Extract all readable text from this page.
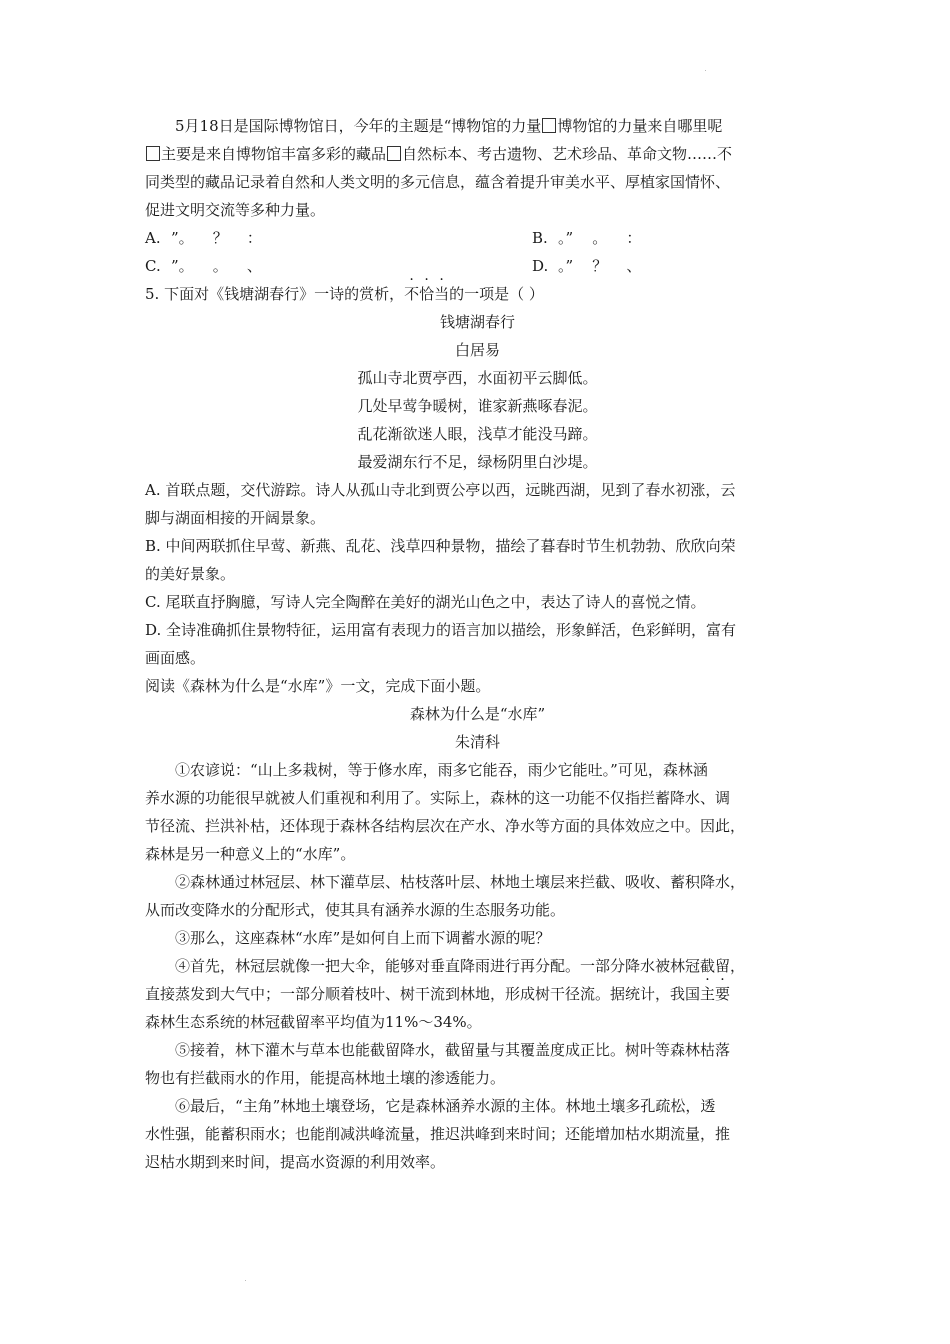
5月18日是国际博物馆日，今年的主题是“博物馆的力量 博物馆的力量来自哪里呢
主要是来自博物馆丰富多彩的藏品 自然标本、考古遗物、艺术珍品、革命文物……不
同类型的藏品记录着自然和人类文明的多元信息，蕴含着提升审美水平、厚植家国情怀、
促进文明交流等多种力量。
A. ”。    ？    ：	B. 。”    。    ：
C. ”。    。    、	D. 。”    ？    、
5. 下面对《钱塘湖春行》一诗的赏析，不恰当的一项是（ ）
钱塘湖春行
白居易
孤山寺北贾亭西，水面初平云脚低。
几处早莺争暖树，谁家新燕啄春泥。
乱花渐欲迷人眼，浅草才能没马蹄。
最爱湖东行不足，绿杨阴里白沙堤。
A. 首联点题，交代游踪。诗人从孤山寺北到贾公亭以西，远眺西湖，见到了春水初涨，云
脚与湖面相接的开阔景象。
B. 中间两联抓住早莺、新燕、乱花、浅草四种景物，描绘了暮春时节生机勃勃、欣欣向荣
的美好景象。
C. 尾联直抒胸臆，写诗人完全陶醉在美好的湖光山色之中，表达了诗人的喜悦之情。
D. 全诗准确抓住景物特征，运用富有表现力的语言加以描绘，形象鲜活，色彩鲜明，富有
画面感。
阅读《森林为什么是“水库”》一文，完成下面小题。
森林为什么是“水库”
朱清科
①农谚说：“山上多栽树，等于修水库，雨多它能吞，雨少它能吐。”可见，森林涵
养水源的功能很早就被人们重视和利用了。实际上，森林的这一功能不仅指拦蓄降水、调
节径流、拦洪补枯，还体现于森林各结构层次在产水、净水等方面的具体效应之中。因此，
森林是另一种意义上的“水库”。
②森林通过林冠层、林下灌草层、枯枝落叶层、林地土壤层来拦截、吸收、蓄积降水，
从而改变降水的分配形式，使其具有涵养水源的生态服务功能。
③那么，这座森林“水库”是如何自上而下调蓄水源的呢？
④首先，林冠层就像一把大伞，能够对垂直降雨进行再分配。一部分降水被林冠截留，
直接蒸发到大气中；一部分顺着枝叶、树干流到林地，形成树干径流。据统计，我国主要
森林生态系统的林冠截留率平均值为11%～34%。
⑤接着，林下灌木与草本也能截留降水，截留量与其覆盖度成正比。树叶等森林枯落
物也有拦截雨水的作用，能提高林地土壤的渗透能力。
⑥最后，“主角”林地土壤登场，它是森林涵养水源的主体。林地土壤多孔疏松，透
水性强，能蓄积雨水；也能削减洪峰流量，推迟洪峰到来时间；还能增加枯水期流量，推
迟枯水期到来时间，提高水资源的利用效率。
